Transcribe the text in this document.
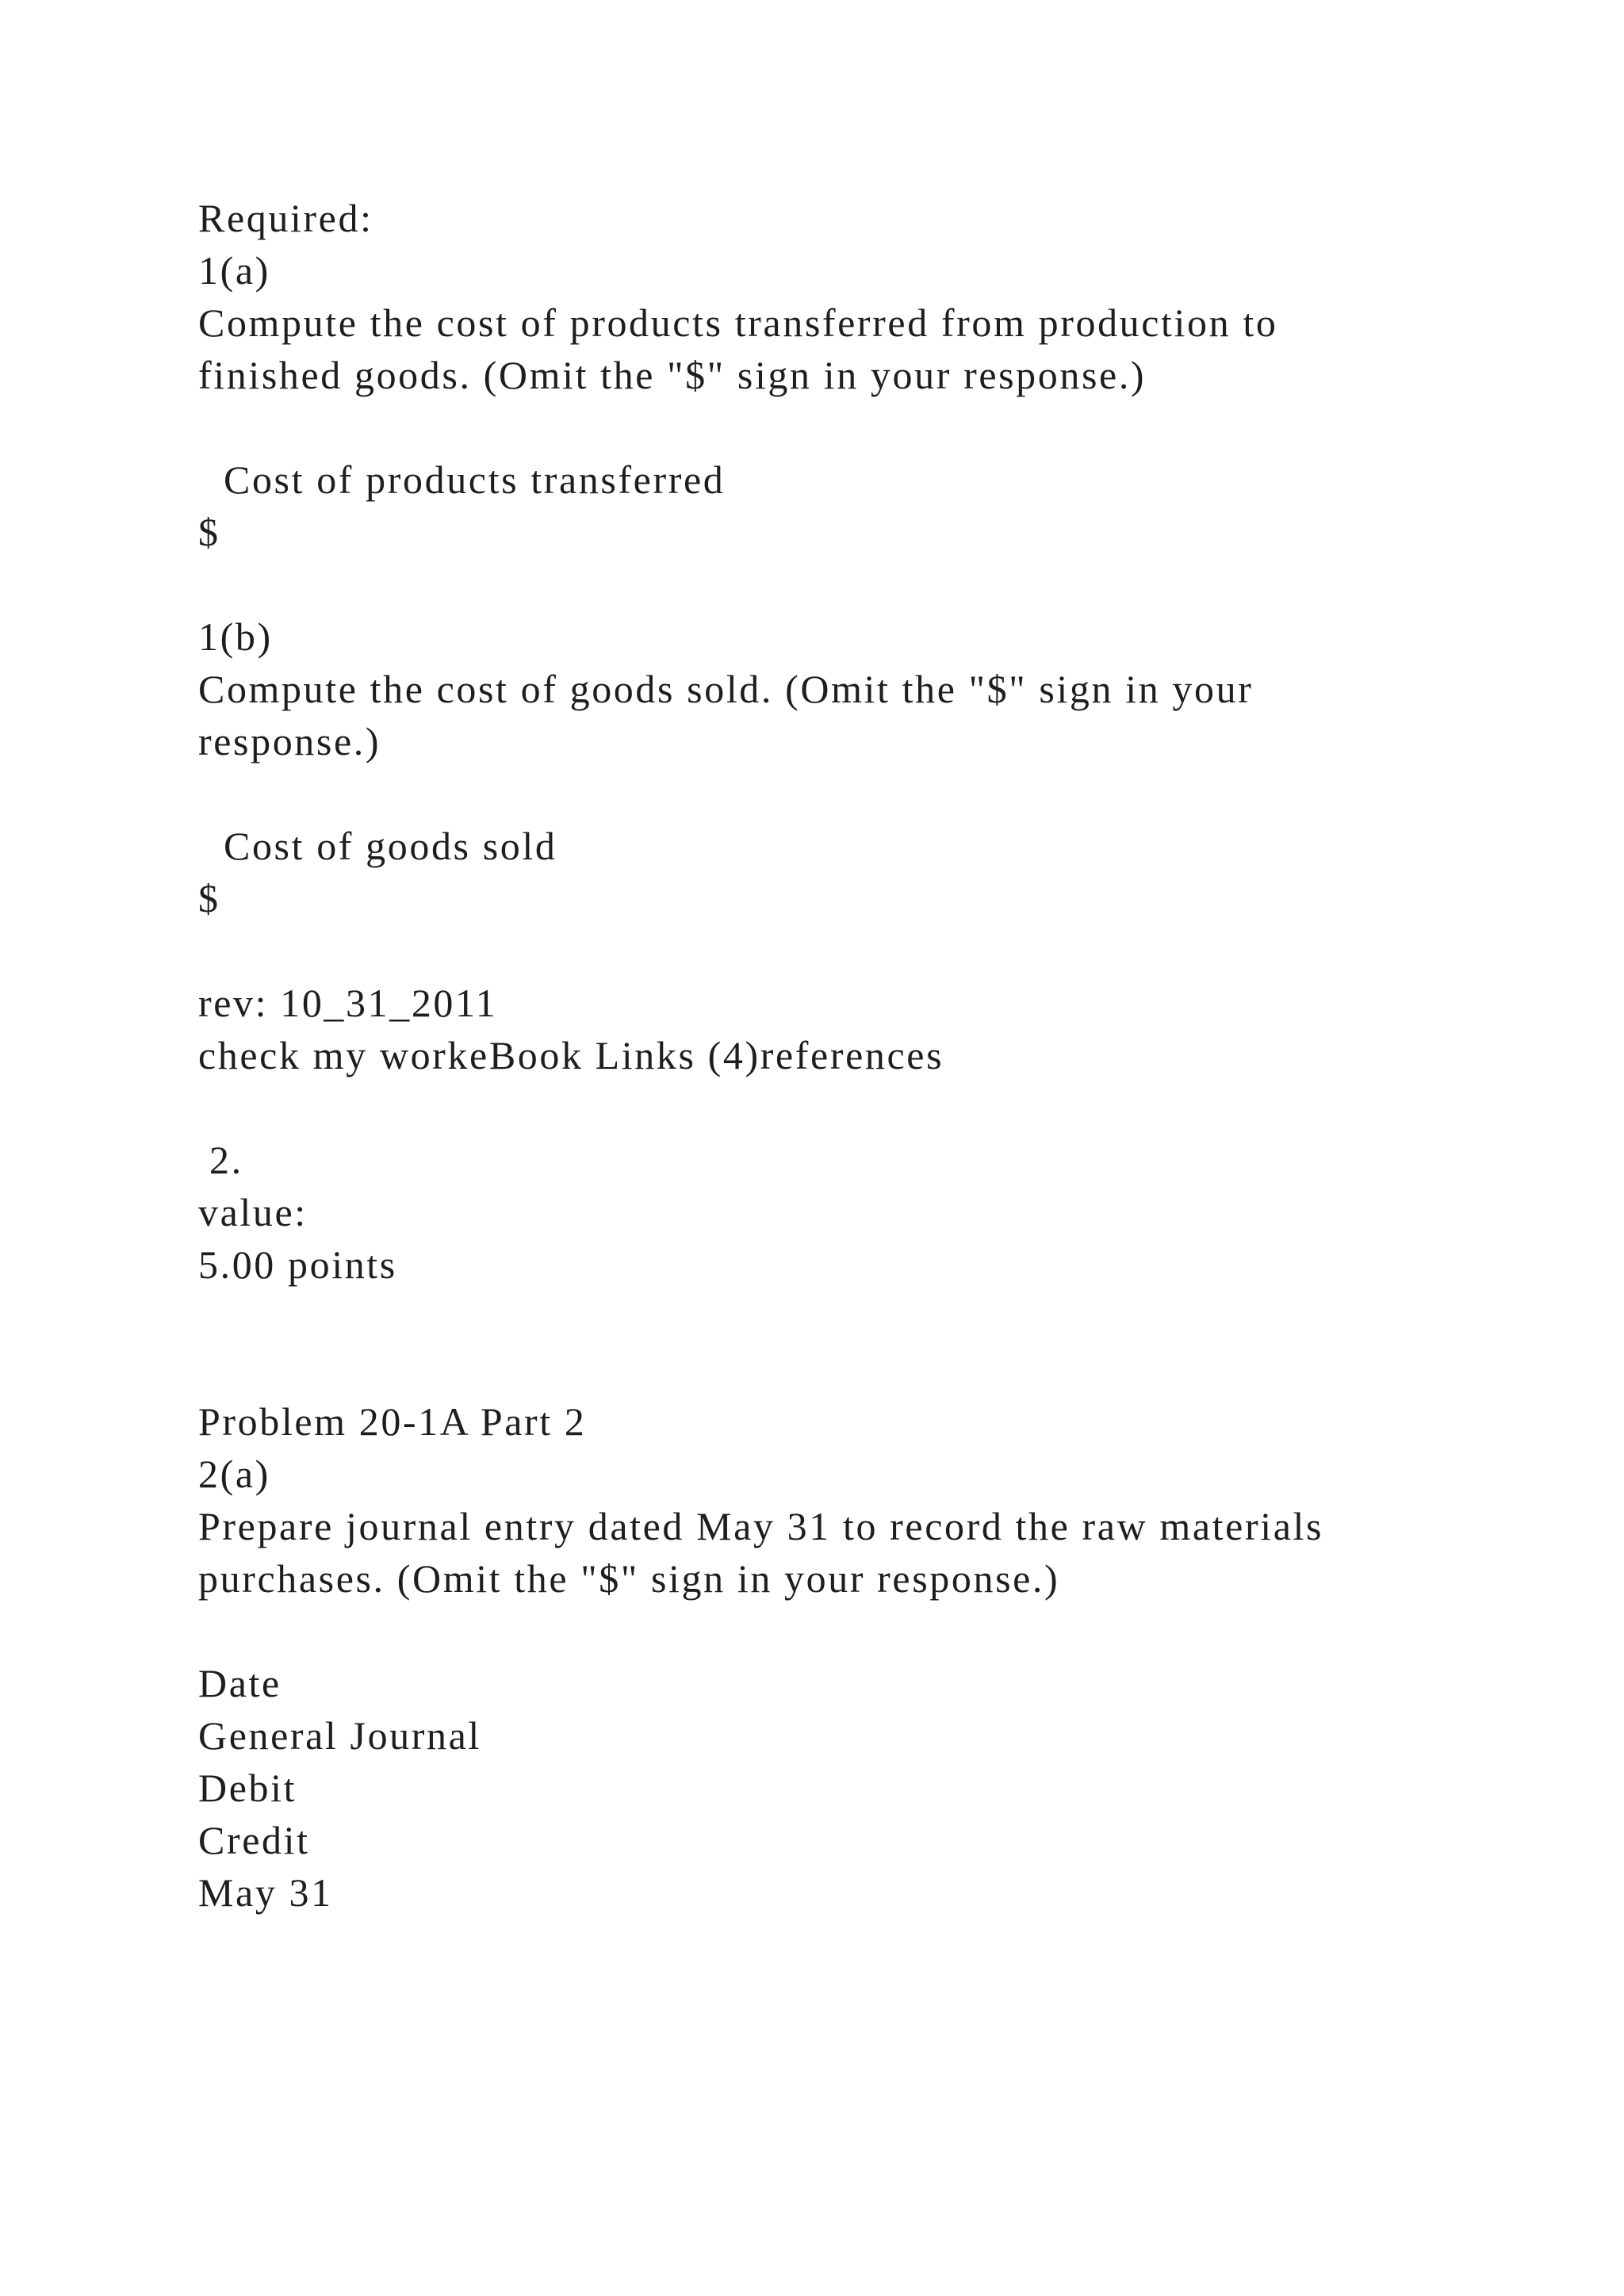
Required:
1(a)
Compute the cost of products transferred from production to
finished goods. (Omit the "$" sign in your response.)
Cost of products transferred
$
1(b)
Compute the cost of goods sold. (Omit the "$" sign in your
response.)
Cost of goods sold
$
rev: 10_31_2011
check my workeBook Links (4)references
2.
value:
5.00 points
Problem 20-1A Part 2
2(a)
Prepare journal entry dated May 31 to record the raw materials
purchases. (Omit the "$" sign in your response.)
Date
General Journal
Debit
Credit
May 31
